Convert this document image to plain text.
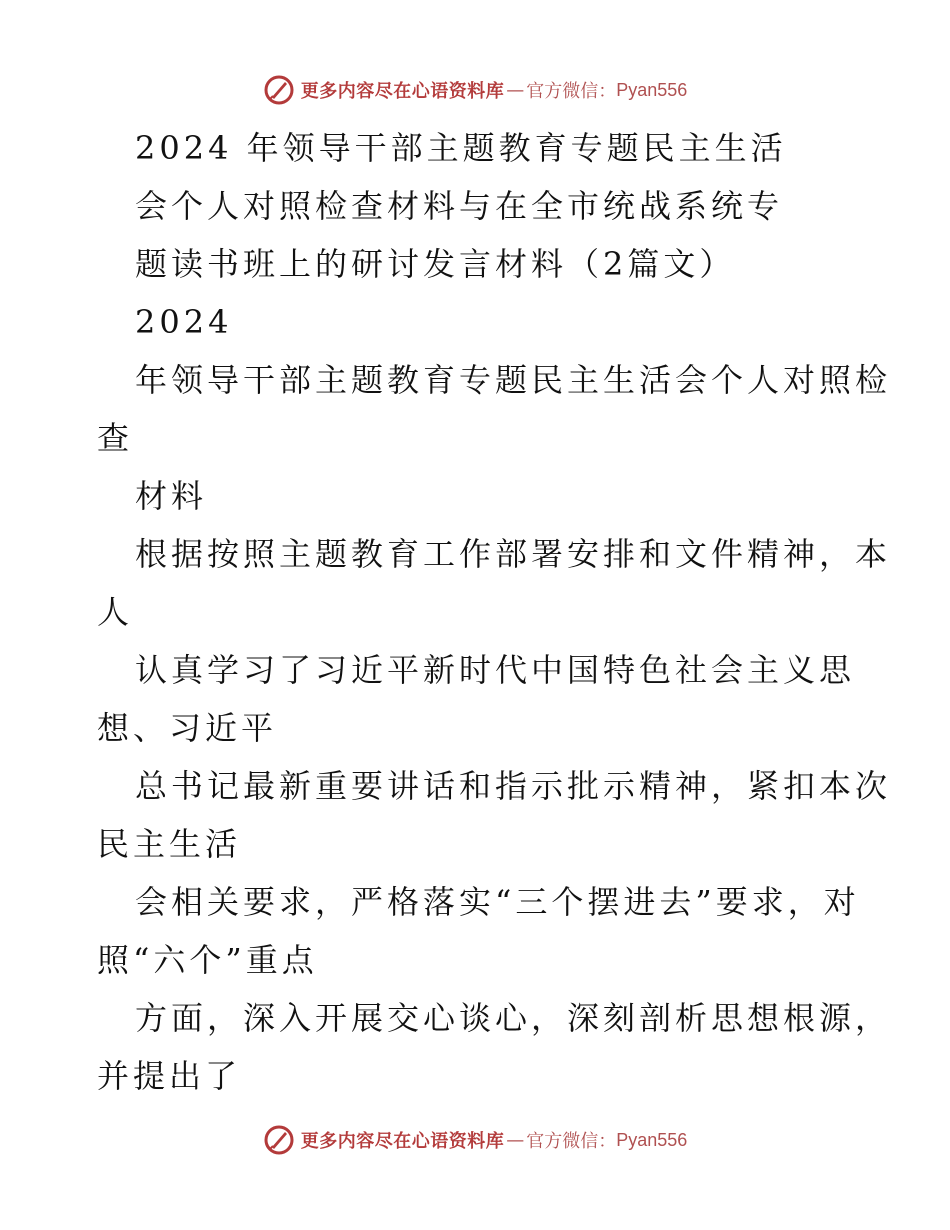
更多内容尽在心语资料库 — 官方微信： Pyan556
2024 年领导干部主题教育专题民主生活
会个人对照检查材料与在全市统战系统专
题读书班上的研讨发言材料（2篇文）
2024
年领导干部主题教育专题民主生活会个人对照检
查
材料
根据按照主题教育工作部署安排和文件精神，本
人
认真学习了习近平新时代中国特色社会主义思
想、习近平
总书记最新重要讲话和指示批示精神，紧扣本次
民主生活
会相关要求，严格落实“三个摆进去”要求，对
照“六个”重点
方面，深入开展交心谈心，深刻剖析思想根源，
并提出了
更多内容尽在心语资料库 — 官方微信： Pyan556
